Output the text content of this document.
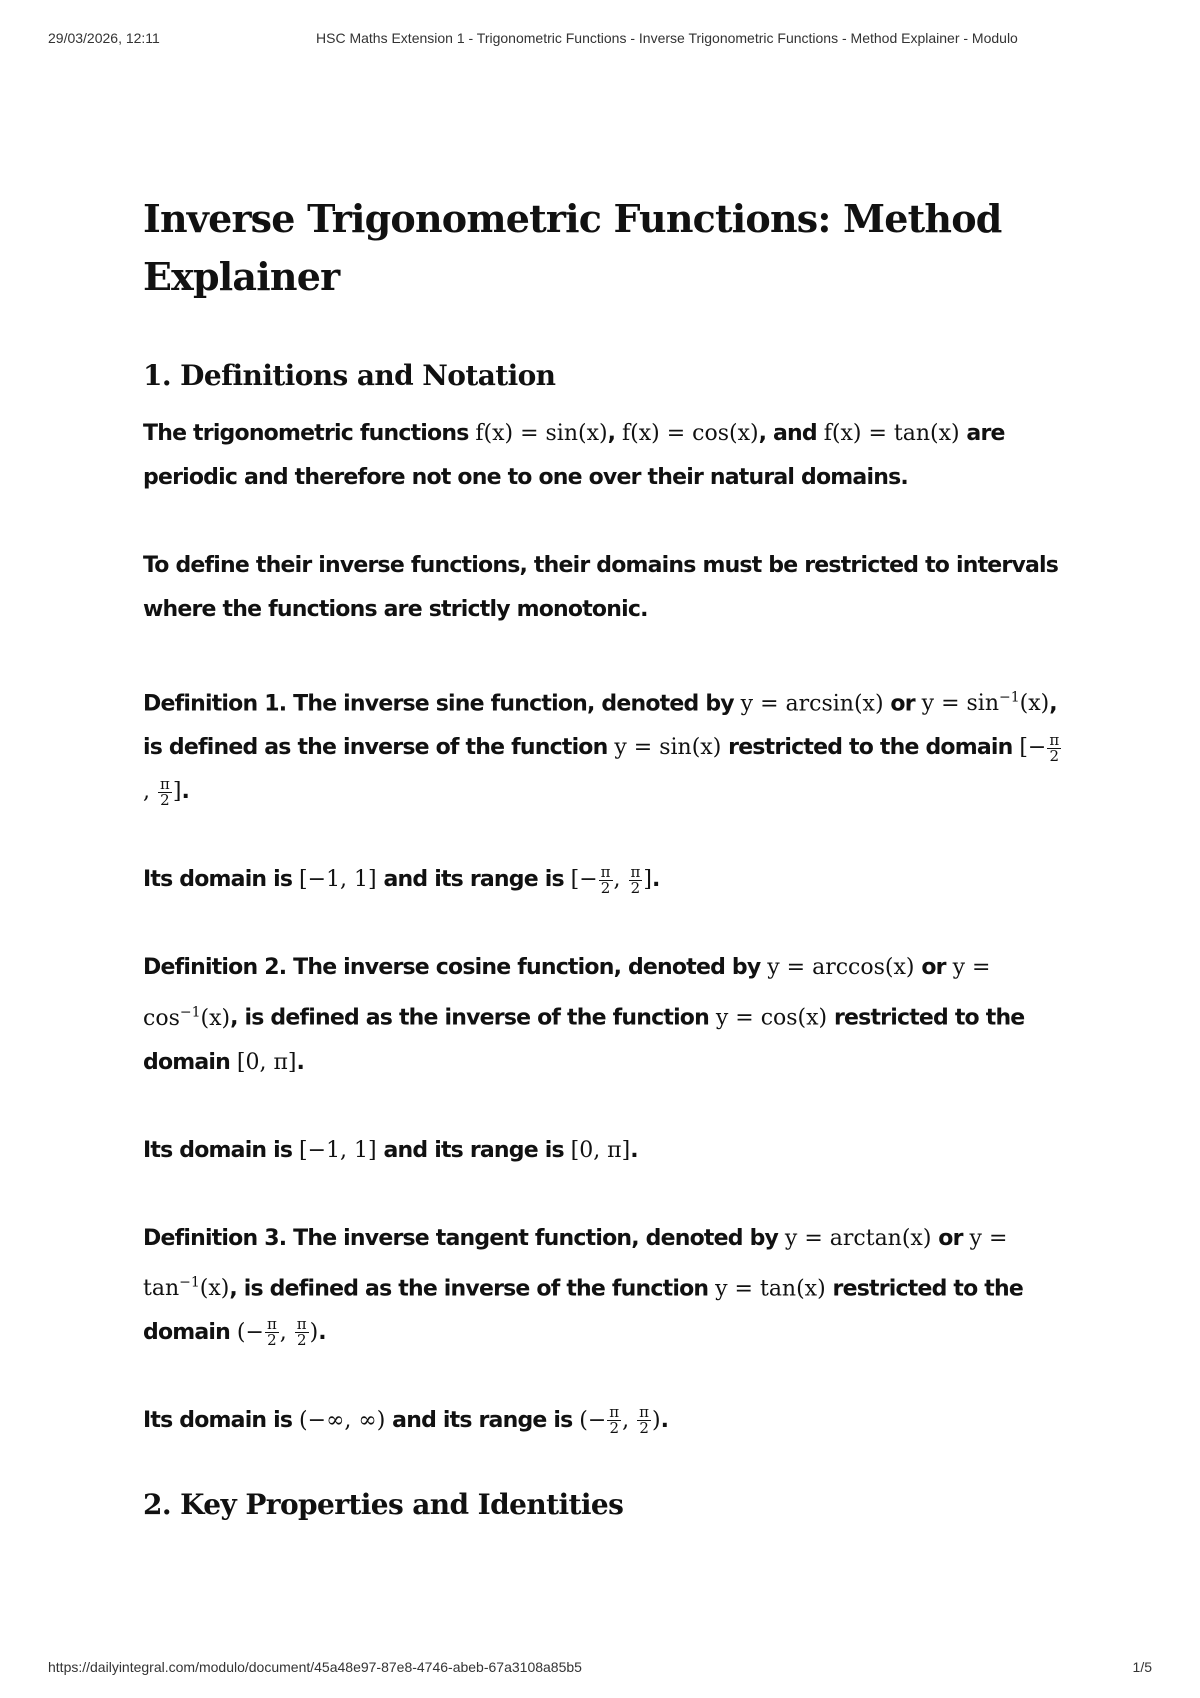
29/03/2026, 12:11	HSC Maths Extension 1 - Trigonometric Functions - Inverse Trigonometric Functions - Method Explainer - Modulo
Inverse Trigonometric Functions: Method Explainer
1. Definitions and Notation

The trigonometric functions f(x) = sin(x), f(x) = cos(x), and f(x) = tan(x) are periodic and therefore not one to one over their natural domains.

To define their inverse functions, their domains must be restricted to intervals where the functions are strictly monotonic.

Definition 1. The inverse sine function, denoted by y = arcsin(x) or $y = \sin^{-1}(x)$, is defined as the inverse of the function y = sin(x) restricted to the domain [− $\frac{\pi}{2}$
, $\frac{\pi}{2}$ ].

Its domain is [−1, 1] and its range is [− $\frac{\pi}{2}$ , $\frac{\pi}{2}$ ].

Definition 2. The inverse cosine function, denoted by y = arccos(x) or $y = \cos^{-1}(x)$, is defined as the inverse of the function y = cos(x) restricted to the domain [0, π].

Its domain is [−1, 1] and its range is [0, π].

Definition 3. The inverse tangent function, denoted by y = arctan(x) or $y = \tan^{-1}(x)$, is defined as the inverse of the function y = tan(x) restricted to the domain (− $\frac{\pi}{2}$ , $\frac{\pi}{2}$ ).

Its domain is (−∞, ∞) and its range is (− $\frac{\pi}{2}$ , $\frac{\pi}{2}$ ).

2. Key Properties and Identities
https://dailyintegral.com/modulo/document/45a48e97-87e8-4746-abeb-67a3108a85b5	1/5
